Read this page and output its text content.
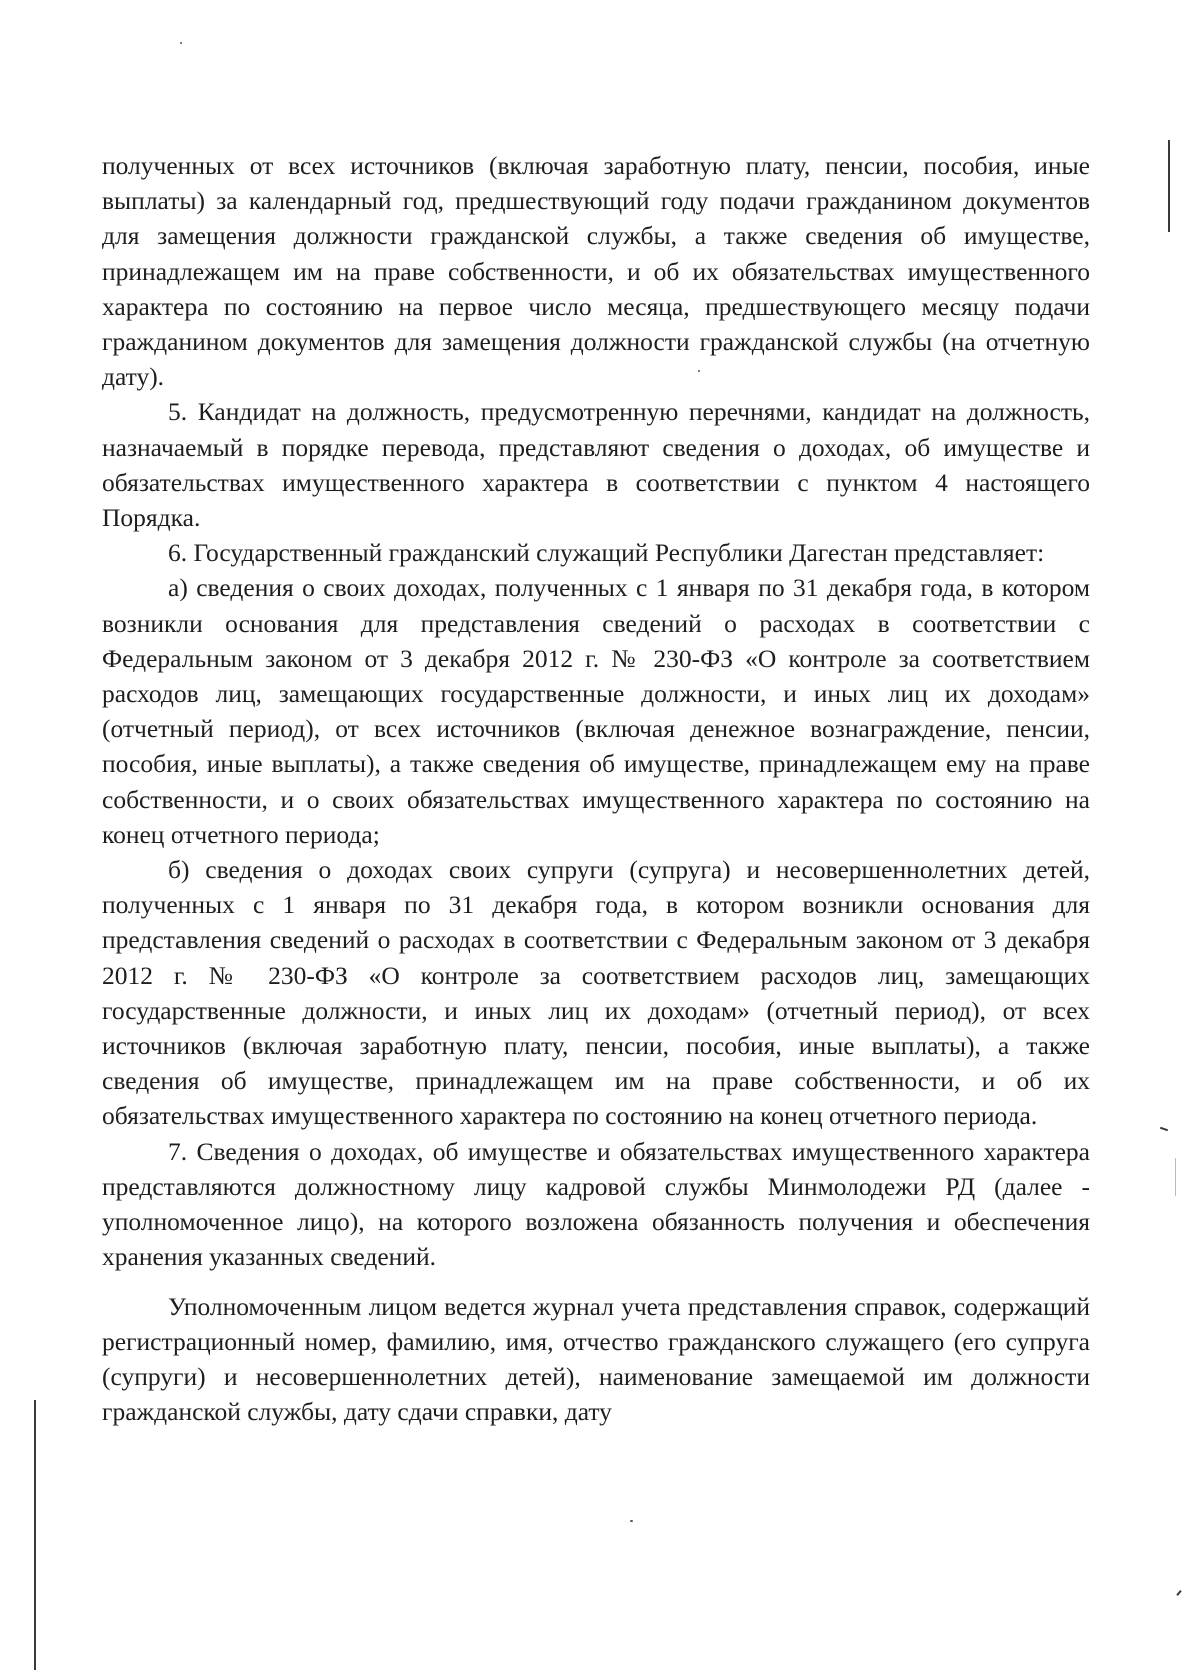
полученных от всех источников (включая заработную плату, пенсии, пособия, иные выплаты) за календарный год, предшествующий году подачи гражданином документов для замещения должности гражданской службы, а также сведения об имуществе, принадлежащем им на праве собственности, и об их обязательствах имущественного характера по состоянию на первое число месяца, предшествующего месяцу подачи гражданином документов для замещения должности гражданской службы (на отчетную дату).

5. Кандидат на должность, предусмотренную перечнями, кандидат на должность, назначаемый в порядке перевода, представляют сведения о доходах, об имуществе и обязательствах имущественного характера в соответствии с пунктом 4 настоящего Порядка.

6. Государственный гражданский служащий Республики Дагестан представляет:

а) сведения о своих доходах, полученных с 1 января по 31 декабря года, в котором возникли основания для представления сведений о расходах в соответствии с Федеральным законом от 3 декабря 2012 г. № 230-ФЗ «О контроле за соответствием расходов лиц, замещающих государственные должности, и иных лиц их доходам» (отчетный период), от всех источников (включая денежное вознаграждение, пенсии, пособия, иные выплаты), а также сведения об имуществе, принадлежащем ему на праве собственности, и о своих обязательствах имущественного характера по состоянию на конец отчетного периода;

б) сведения о доходах своих супруги (супруга) и несовершеннолетних детей, полученных с 1 января по 31 декабря года, в котором возникли основания для представления сведений о расходах в соответствии с Федеральным законом от 3 декабря 2012 г. № 230-ФЗ «О контроле за соответствием расходов лиц, замещающих государственные должности, и иных лиц их доходам» (отчетный период), от всех источников (включая заработную плату, пенсии, пособия, иные выплаты), а также сведения об имуществе, принадлежащем им на праве собственности, и об их обязательствах имущественного характера по состоянию на конец отчетного периода.

7. Сведения о доходах, об имуществе и обязательствах имущественного характера представляются должностному лицу кадровой службы Минмолодежи РД (далее - уполномоченное лицо), на которого возложена обязанность получения и обеспечения хранения указанных сведений.

Уполномоченным лицом ведется журнал учета представления справок, содержащий регистрационный номер, фамилию, имя, отчество гражданского служащего (его супруга (супруги) и несовершеннолетних детей), наименование замещаемой им должности гражданской службы, дату сдачи справки, дату
